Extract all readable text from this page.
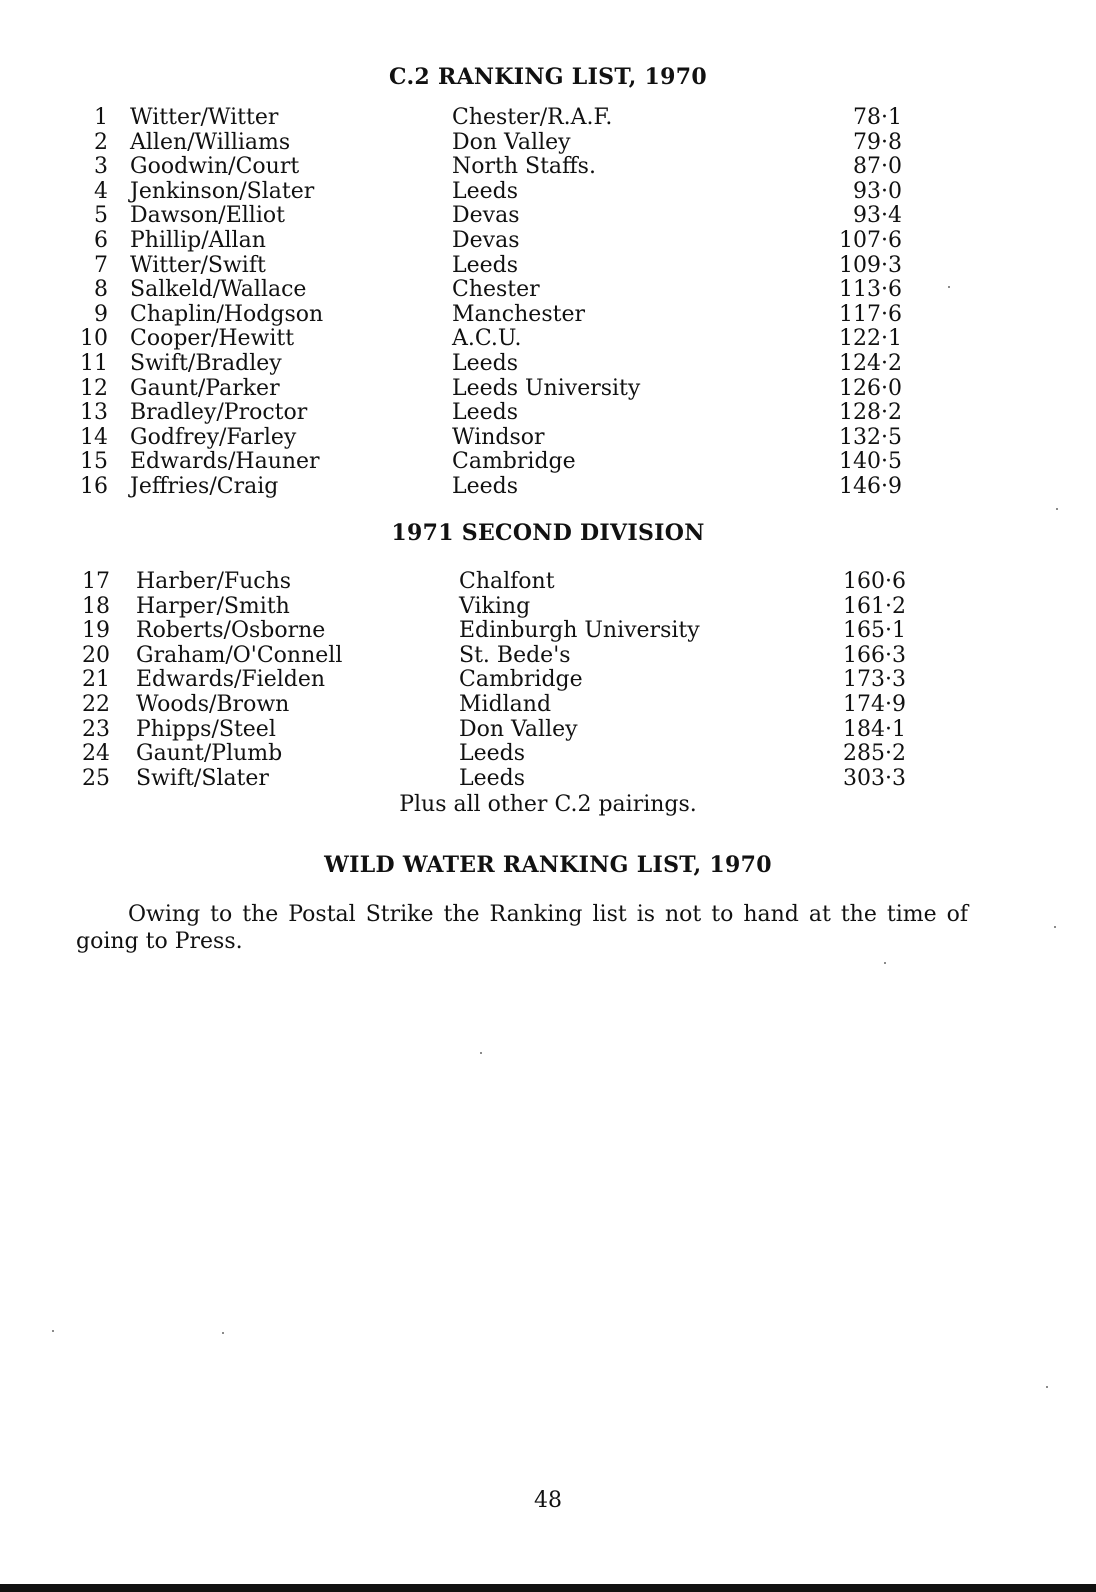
C.2 RANKING LIST, 1970
1 Witter/Witter	Chester/R.A.F.	78·1
2 Allen/Williams	Don Valley	79·8
3 Goodwin/Court	North Staffs.	87·0
4 Jenkinson/Slater	Leeds	93·0
5 Dawson/Elliot	Devas	93·4
6 Phillip/Allan	Devas	107·6
7 Witter/Swift	Leeds	109·3
8 Salkeld/Wallace	Chester	113·6
9 Chaplin/Hodgson	Manchester	117·6
10 Cooper/Hewitt	A.C.U.	122·1
11 Swift/Bradley	Leeds	124·2
12 Gaunt/Parker	Leeds University	126·0
13 Bradley/Proctor	Leeds	128·2
14 Godfrey/Farley	Windsor	132·5
15 Edwards/Hauner	Cambridge	140·5
16 Jeffries/Craig	Leeds	146·9
1971 SECOND DIVISION
17 Harber/Fuchs	Chalfont	160·6
18 Harper/Smith	Viking	161·2
19 Roberts/Osborne	Edinburgh University	165·1
20 Graham/O'Connell	St. Bede's	166·3
21 Edwards/Fielden	Cambridge	173·3
22 Woods/Brown	Midland	174·9
23 Phipps/Steel	Don Valley	184·1
24 Gaunt/Plumb	Leeds	285·2
25 Swift/Slater	Leeds	303·3
Plus all other C.2 pairings.
WILD WATER RANKING LIST, 1970
Owing to the Postal Strike the Ranking list is not to hand at the time of going to Press.
48
